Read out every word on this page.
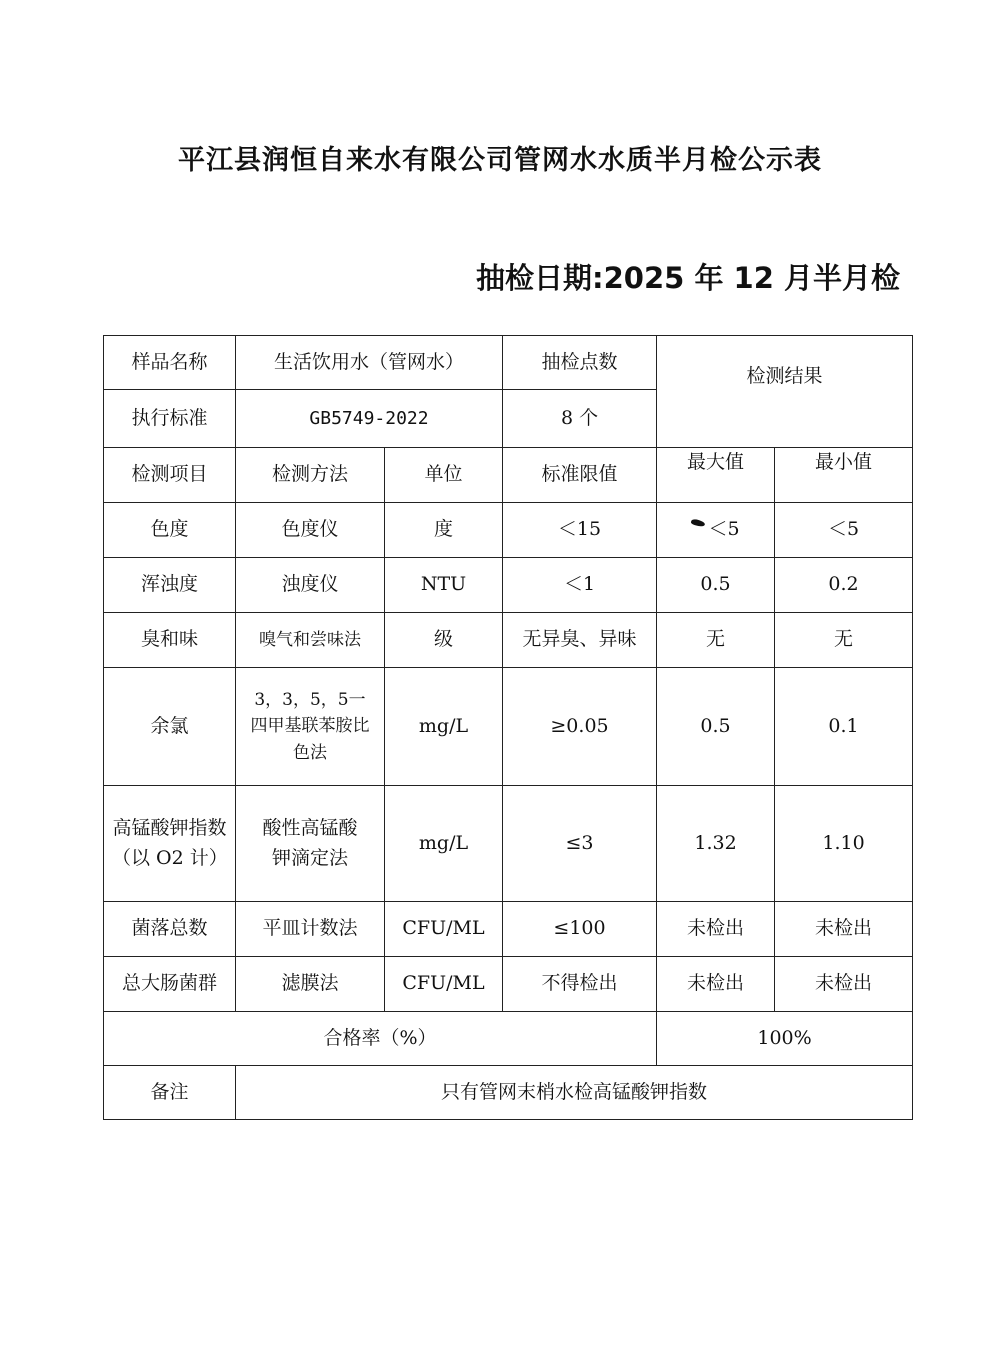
平江县润恒自来水有限公司管网水水质半月检公示表
抽检日期:2025 年 12 月半月检
样品名称	生活饮用水（管网水）		抽检点数	检测结果	
执行标准	GB5749-2022		8 个		
检测项目	检测方法	单位	标准限值	最大值	最小值
色度	色度仪	度	＜15	＜5	＜5
浑浊度	浊度仪	NTU	＜1	0.5	0.2
臭和味	嗅气和尝味法	级	无异臭、异味	无	无
余氯	3，3，5，5一四甲基联苯胺比色法	mg/L	≥0.05	0.5	0.1
高锰酸钾指数（以 O2 计）	酸性高锰酸钾滴定法	mg/L	≤3	1.32	1.10
菌落总数	平皿计数法	CFU/ML	≤100	未检出	未检出
总大肠菌群	滤膜法	CFU/ML	不得检出	未检出	未检出
合格率（%）				100%	
备注	只有管网末梢水检高锰酸钾指数				
